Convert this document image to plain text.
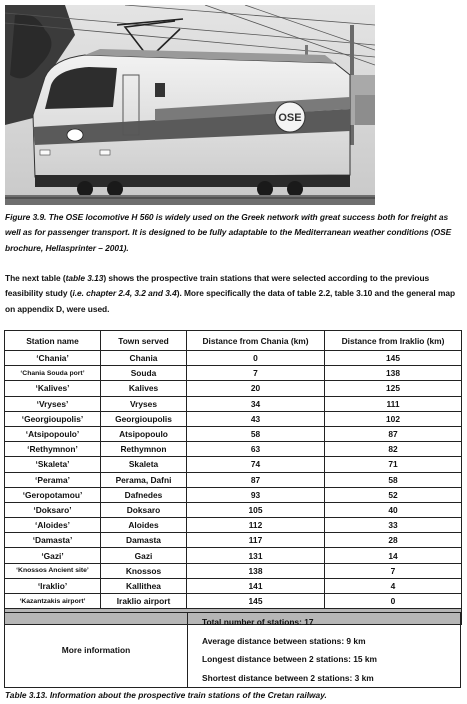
OSE
Figure 3.9. The OSE locomotive H 560 is widely used on the Greek network with great success both for freight as well as for passenger transport. It is designed to be fully adaptable to the Mediterranean weather conditions (OSE brochure, Hellasprinter – 2001).
The next table (table 3.13) shows the prospective train stations that were selected according to the previous feasibility study (i.e. chapter 2.4, 3.2 and 3.4). More specifically the data of table 2.2, table 3.10 and the general map on appendix D, were used.
Station name	Town served	Distance from Chania (km)	Distance from Iraklio (km)
‘Chania’	Chania	0	145
‘Chania Souda port’	Souda	7	138
‘Kalives’	Kalives	20	125
‘Vryses’	Vryses	34	111
‘Georgioupolis’	Georgioupolis	43	102
‘Atsipopoulo’	Atsipopoulo	58	87
‘Rethymnon’	Rethymnon	63	82
‘Skaleta’	Skaleta	74	71
‘Perama’	Perama, Dafni	87	58
‘Geropotamou’	Dafnedes	93	52
‘Doksaro’	Doksaro	105	40
‘Aloides’	Aloides	112	33
‘Damasta’	Damasta	117	28
‘Gazi’	Gazi	131	14
‘Knossos Ancient site’	Knossos	138	7
‘Iraklio’	Kallithea	141	4
‘Kazantzakis airport’	Iraklio airport	145	0

More information
Total number of stations: 17
Average distance between stations: 9 km
Longest distance between 2 stations: 15 km
Shortest distance between 2 stations: 3 km
Table 3.13. Information about the prospective train stations of the Cretan railway.
